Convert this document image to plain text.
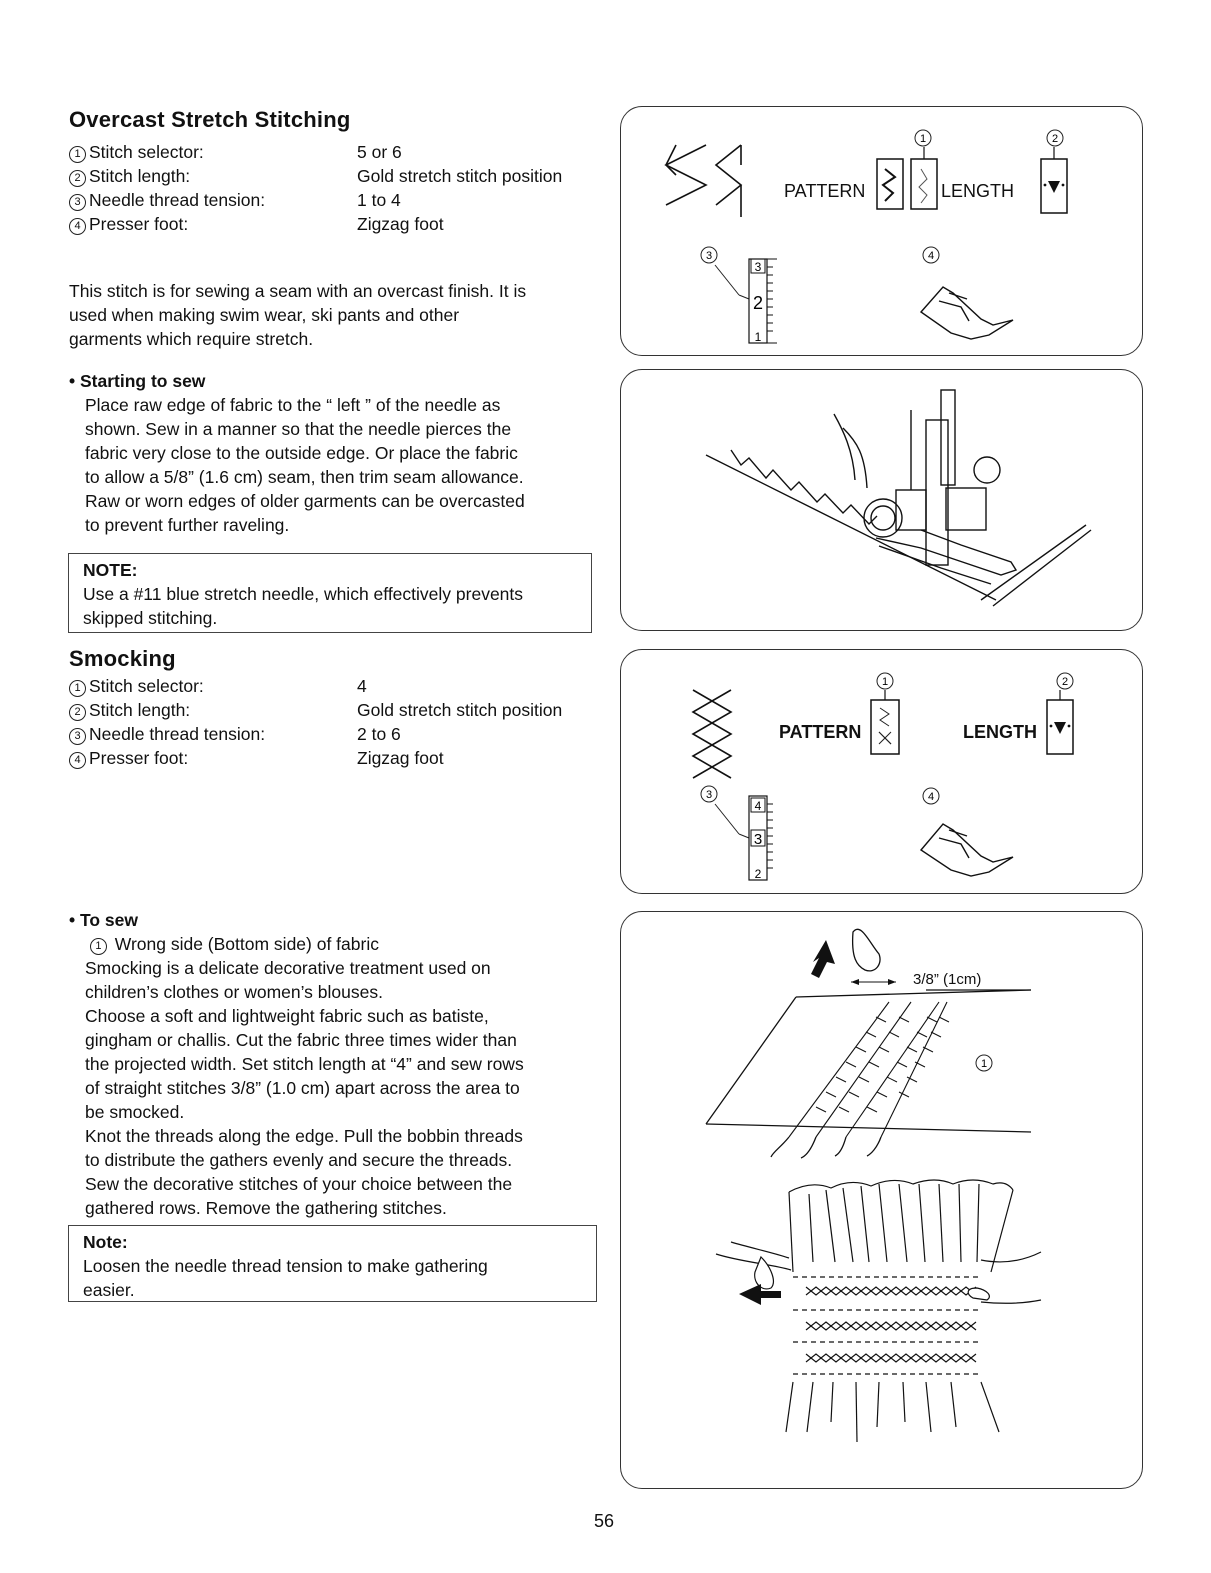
Overcast Stretch Stitching
1 Stitch selector:	5 or 6
2 Stitch length:	Gold stretch stitch position
3 Needle thread tension:	1 to 4
4 Presser foot:	Zigzag foot
This stitch is for sewing a seam with an overcast finish. It is
used when making swim wear, ski pants and other
garments which require stretch.
• Starting to sew
Place raw edge of fabric to the “ left ” of the needle as
shown. Sew in a manner so that the needle pierces the
fabric very close to the outside edge. Or place the fabric
to allow a 5/8” (1.6 cm) seam, then trim seam allowance.
Raw or worn edges of older garments can be overcasted
to prevent further raveling.
NOTE:
Use a #11 blue stretch needle, which effectively prevents
skipped stitching.
Smocking
1 Stitch selector:	4
2 Stitch length:	Gold stretch stitch position
3 Needle thread tension:	2 to 6
4 Presser foot:	Zigzag foot
• To sew
1 Wrong side (Bottom side) of fabric
Smocking is a delicate decorative treatment used on
children’s clothes or women’s blouses.
Choose a soft and lightweight fabric such as batiste,
gingham or challis. Cut the fabric three times wider than
the projected width. Set stitch length at “4” and sew rows
of straight stitches 3/8” (1.0 cm) apart across the area to
be smocked.
Knot the threads along the edge. Pull the bobbin threads
to distribute the gathers evenly and secure the threads.
Sew the decorative stitches of your choice between the
gathered rows. Remove the gathering stitches.
Note:
Loosen the needle thread tension to make gathering
easier.
PATTERN	LENGTH
1	2
3
3
2
1
4
PATTERN	LENGTH
1	2
3
4
3
2
4
3/8” (1cm)
1
56
